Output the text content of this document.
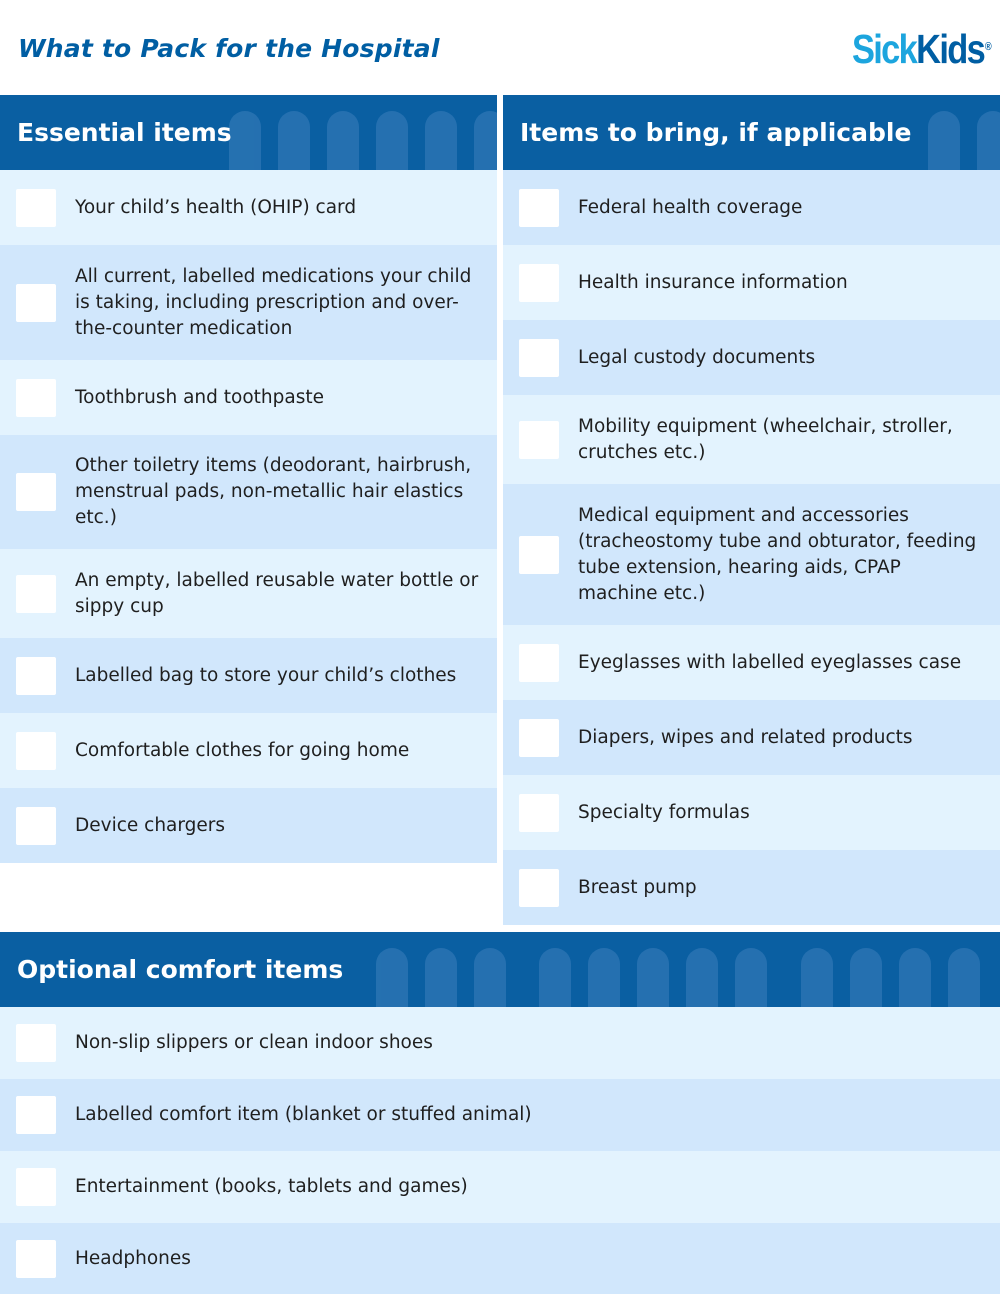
What to Pack for the Hospital	SickKids®
Essential items
Your child’s health (OHIP) card
All current, labelled medications your child is taking, including prescription and over-the-counter medication
Toothbrush and toothpaste
Other toiletry items (deodorant, hairbrush, menstrual pads, non-metallic hair elastics etc.)
An empty, labelled reusable water bottle or sippy cup
Labelled bag to store your child’s clothes
Comfortable clothes for going home
Device chargers
Items to bring, if applicable
Federal health coverage
Health insurance information
Legal custody documents
Mobility equipment (wheelchair, stroller, crutches etc.)
Medical equipment and accessories (tracheostomy tube and obturator, feeding tube extension, hearing aids, CPAP machine etc.)
Eyeglasses with labelled eyeglasses case
Diapers, wipes and related products
Specialty formulas
Breast pump
Optional comfort items
Non-slip slippers or clean indoor shoes
Labelled comfort item (blanket or stuffed animal)
Entertainment (books, tablets and games)
Headphones
